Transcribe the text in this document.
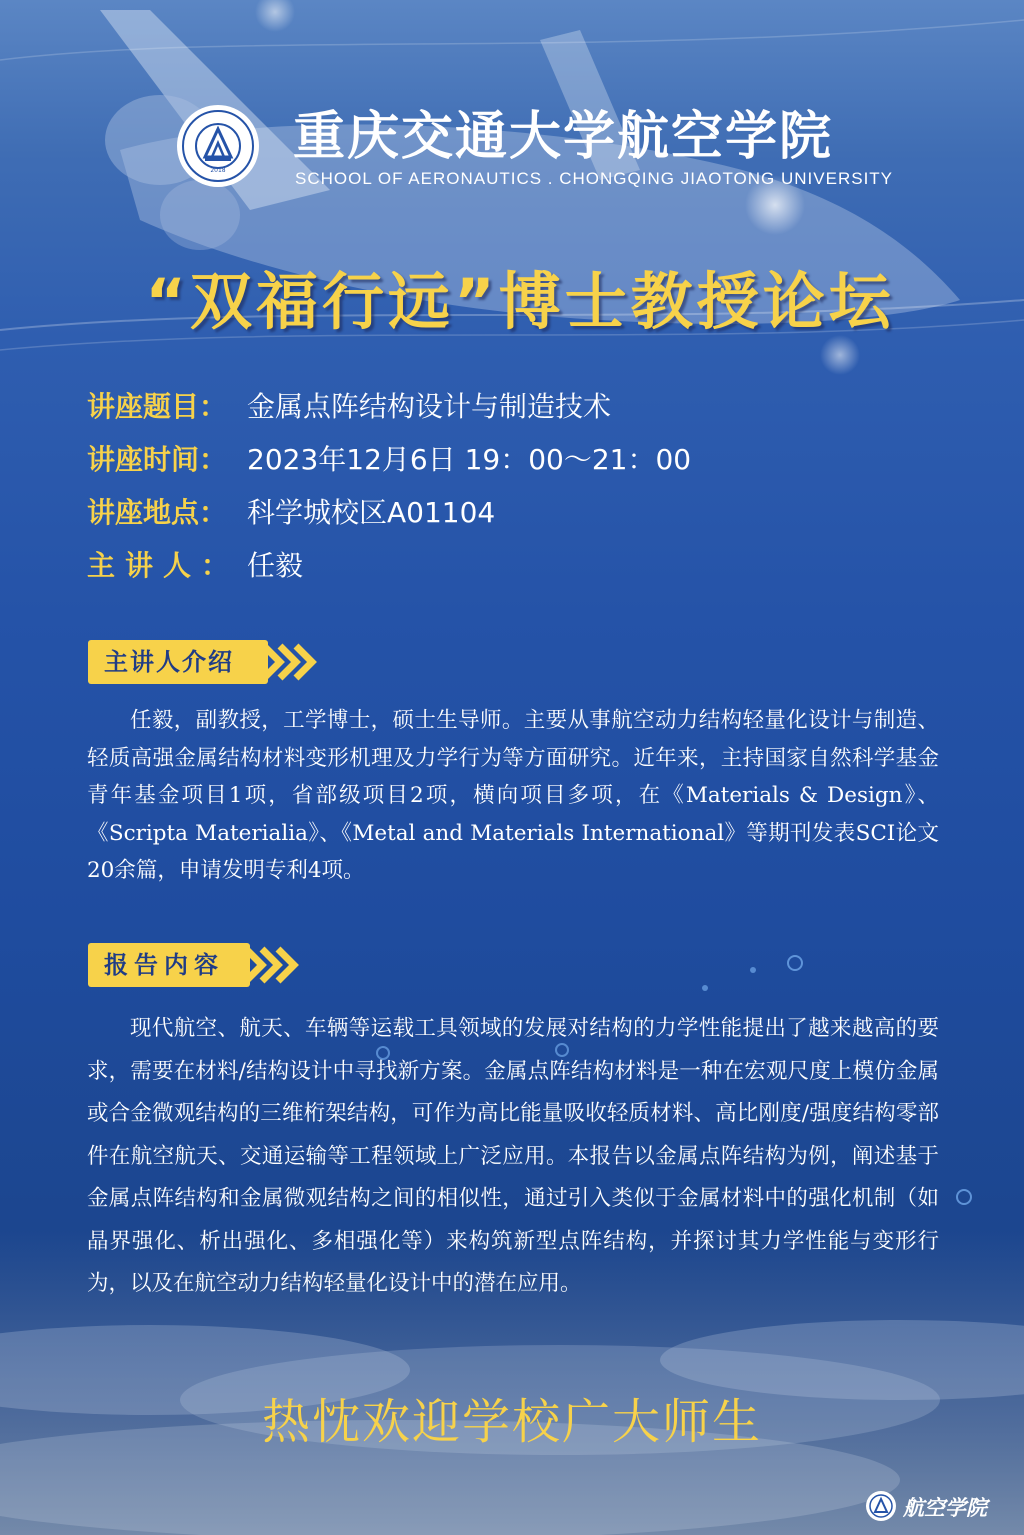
2018
重庆交通大学航空学院
SCHOOL OF AERONAUTICS . CHONGQING JIAOTONG UNIVERSITY
“双福行远”博士教授论坛
讲座题目： 金属点阵结构设计与制造技术
讲座时间： 2023年12月6日 19：00～21：00
讲座地点： 科学城校区A01104
主讲人： 任毅
主讲人介绍
任毅，副教授，工学博士，硕士生导师。主要从事航空动力结构轻量化设计与制造、轻质高强金属结构材料变形机理及力学行为等方面研究。近年来，主持国家自然科学基金青年基金项目1项，省部级项目2项，横向项目多项，在《Materials & Design》、《Scripta Materialia》、《Metal and Materials International》等期刊发表SCI论文20余篇，申请发明专利4项。
报告内容
现代航空、航天、车辆等运载工具领域的发展对结构的力学性能提出了越来越高的要求，需要在材料/结构设计中寻找新方案。金属点阵结构材料是一种在宏观尺度上模仿金属或合金微观结构的三维桁架结构，可作为高比能量吸收轻质材料、高比刚度/强度结构零部件在航空航天、交通运输等工程领域上广泛应用。本报告以金属点阵结构为例，阐述基于金属点阵结构和金属微观结构之间的相似性，通过引入类似于金属材料中的强化机制（如晶界强化、析出强化、多相强化等）来构筑新型点阵结构，并探讨其力学性能与变形行为，以及在航空动力结构轻量化设计中的潜在应用。
热忱欢迎学校广大师生
航空学院
